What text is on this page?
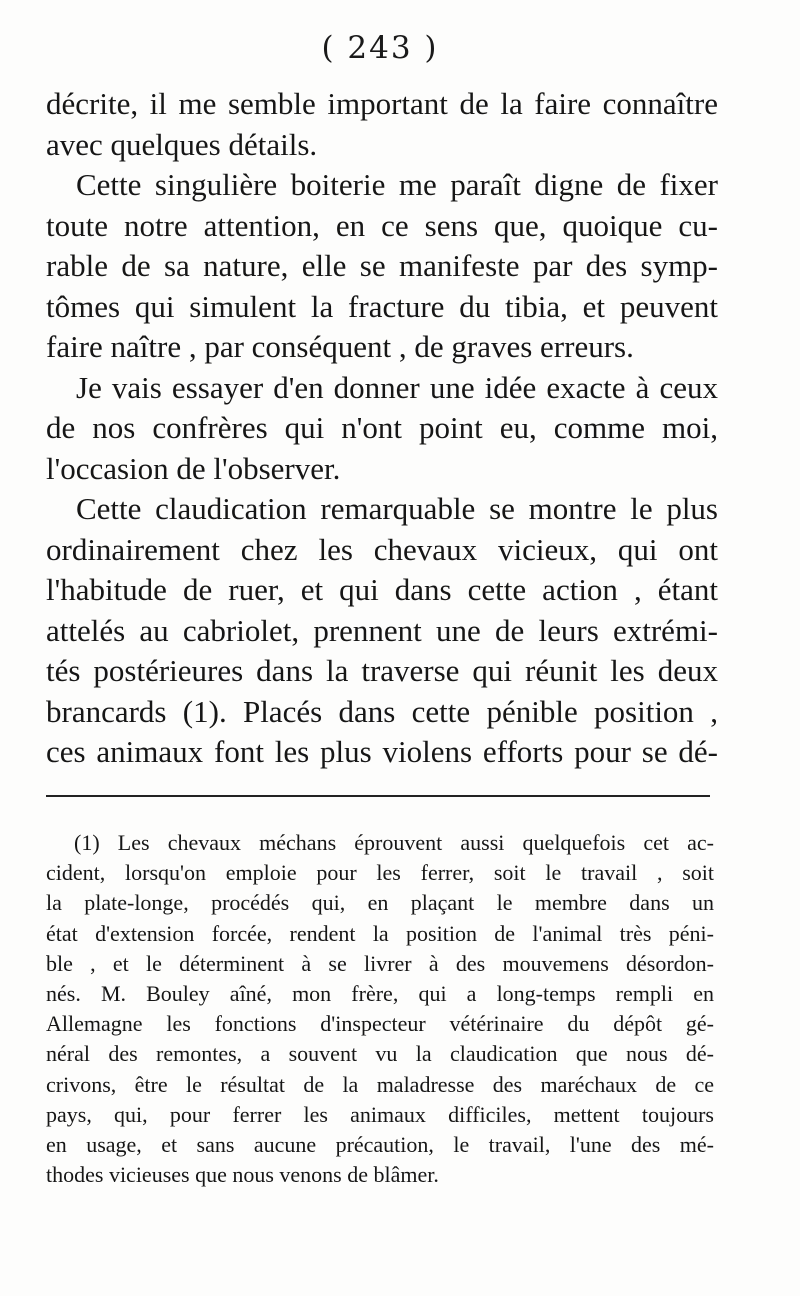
( 243 )
décrite, il me semble important de la faire connaître
avec quelques détails.
Cette singulière boiterie me paraît digne de fixer
toute notre attention, en ce sens que, quoique cu-
rable de sa nature, elle se manifeste par des symp-
tômes qui simulent la fracture du tibia, et peuvent
faire naître , par conséquent , de graves erreurs.
Je vais essayer d'en donner une idée exacte à ceux
de nos confrères qui n'ont point eu, comme moi,
l'occasion de l'observer.
Cette claudication remarquable se montre le plus
ordinairement chez les chevaux vicieux, qui ont
l'habitude de ruer, et qui dans cette action , étant
attelés au cabriolet, prennent une de leurs extrémi-
tés postérieures dans la traverse qui réunit les deux
brancards (1). Placés dans cette pénible position ,
ces animaux font les plus violens efforts pour se dé-
(1) Les chevaux méchans éprouvent aussi quelquefois cet ac-
cident, lorsqu'on emploie pour les ferrer, soit le travail , soit
la plate-longe, procédés qui, en plaçant le membre dans un
état d'extension forcée, rendent la position de l'animal très péni-
ble , et le déterminent à se livrer à des mouvemens désordon-
nés. M. Bouley aîné, mon frère, qui a long-temps rempli en
Allemagne les fonctions d'inspecteur vétérinaire du dépôt gé-
néral des remontes, a souvent vu la claudication que nous dé-
crivons, être le résultat de la maladresse des maréchaux de ce
pays, qui, pour ferrer les animaux difficiles, mettent toujours
en usage, et sans aucune précaution, le travail, l'une des mé-
thodes vicieuses que nous venons de blâmer.
